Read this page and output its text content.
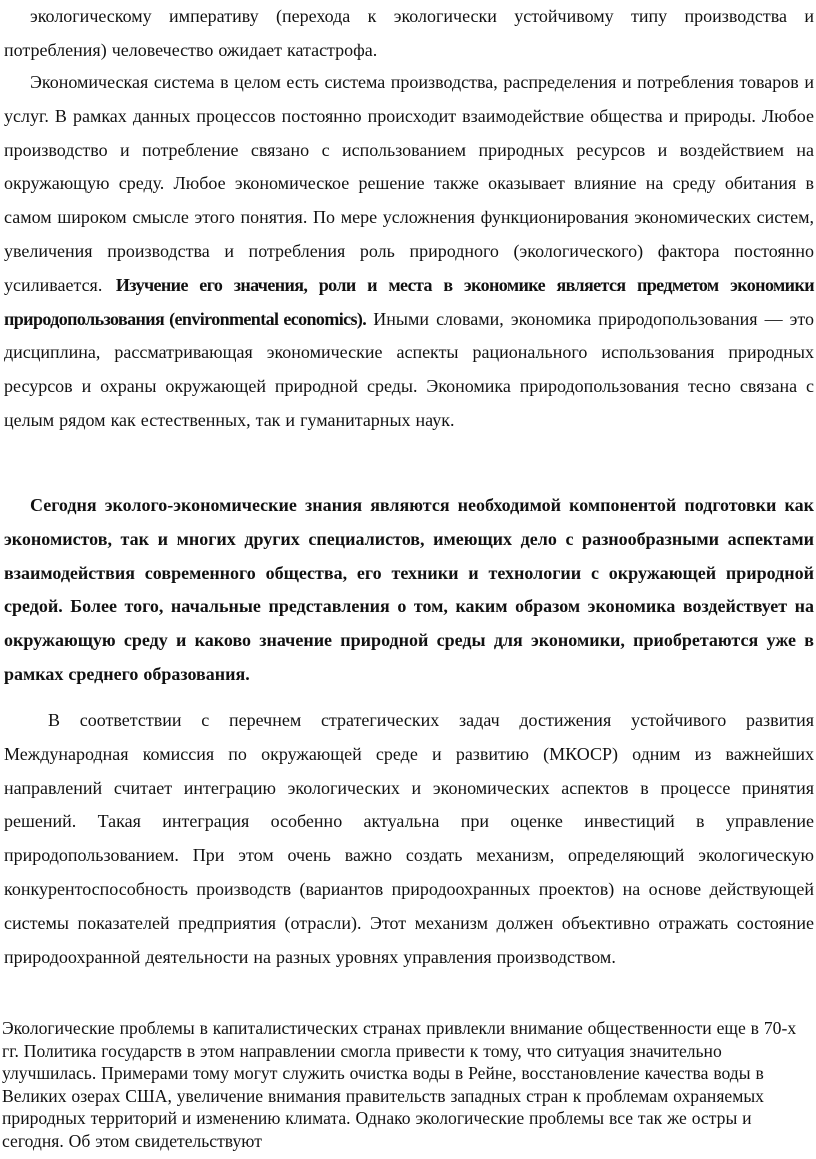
экологическому императиву (перехода к экологически устойчивому типу производства и потребления) человечество ожидает катастрофа.

Экономическая система в целом есть система производства, распределения и потребления товаров и услуг. В рамках данных процессов постоянно происходит взаимодействие общества и природы. Любое производство и потребление связано с использованием природных ресурсов и воздействием на окружающую среду. Любое экономическое решение также оказывает влияние на среду обитания в самом широком смысле этого понятия. По мере усложнения функционирования экономических систем, увеличения производства и потребления роль природного (экологического) фактора постоянно усиливается. Изучение его значения, роли и места в экономике является предметом экономики природопользования (environmental economics). Иными словами, экономика природопользования — это дисциплина, рассматривающая экономические аспекты рационального использования природных ресурсов и охраны окружающей природной среды. Экономика природопользования тесно связана с целым рядом как естественных, так и гуманитарных наук.

Сегодня эколого-экономические знания являются необходимой компонентой подготовки как экономистов, так и многих других специалистов, имеющих дело с разнообразными аспектами взаимодействия современного общества, его техники и технологии с окружающей природной средой. Более того, начальные представления о том, каким образом экономика воздействует на окружающую среду и каково значение природной среды для экономики, приобретаются уже в рамках среднего образования.

В соответствии с перечнем стратегических задач достижения устойчивого развития Международная комиссия по окружающей среде и развитию (МКОСР) одним из важнейших направлений считает интеграцию экологических и экономических аспектов в процессе принятия решений. Такая интеграция особенно актуальна при оценке инвестиций в управление природопользованием. При этом очень важно создать механизм, определяющий экологическую конкурентоспособность производств (вариантов природоохранных проектов) на основе действующей системы показателей предприятия (отрасли). Этот механизм должен объективно отражать состояние природоохранной деятельности на разных уровнях управления производством.

Экологические проблемы в капиталистических странах привлекли внимание общественности еще в 70-х гг. Политика государств в этом направлении смогла привести к тому, что ситуация значительно улучшилась. Примерами тому могут служить очистка воды в Рейне, восстановление качества воды в Великих озерах США, увеличение внимания правительств западных стран к проблемам охраняемых природных территорий и изменению климата. Однако экологические проблемы все так же остры и сегодня. Об этом свидетельствуют
